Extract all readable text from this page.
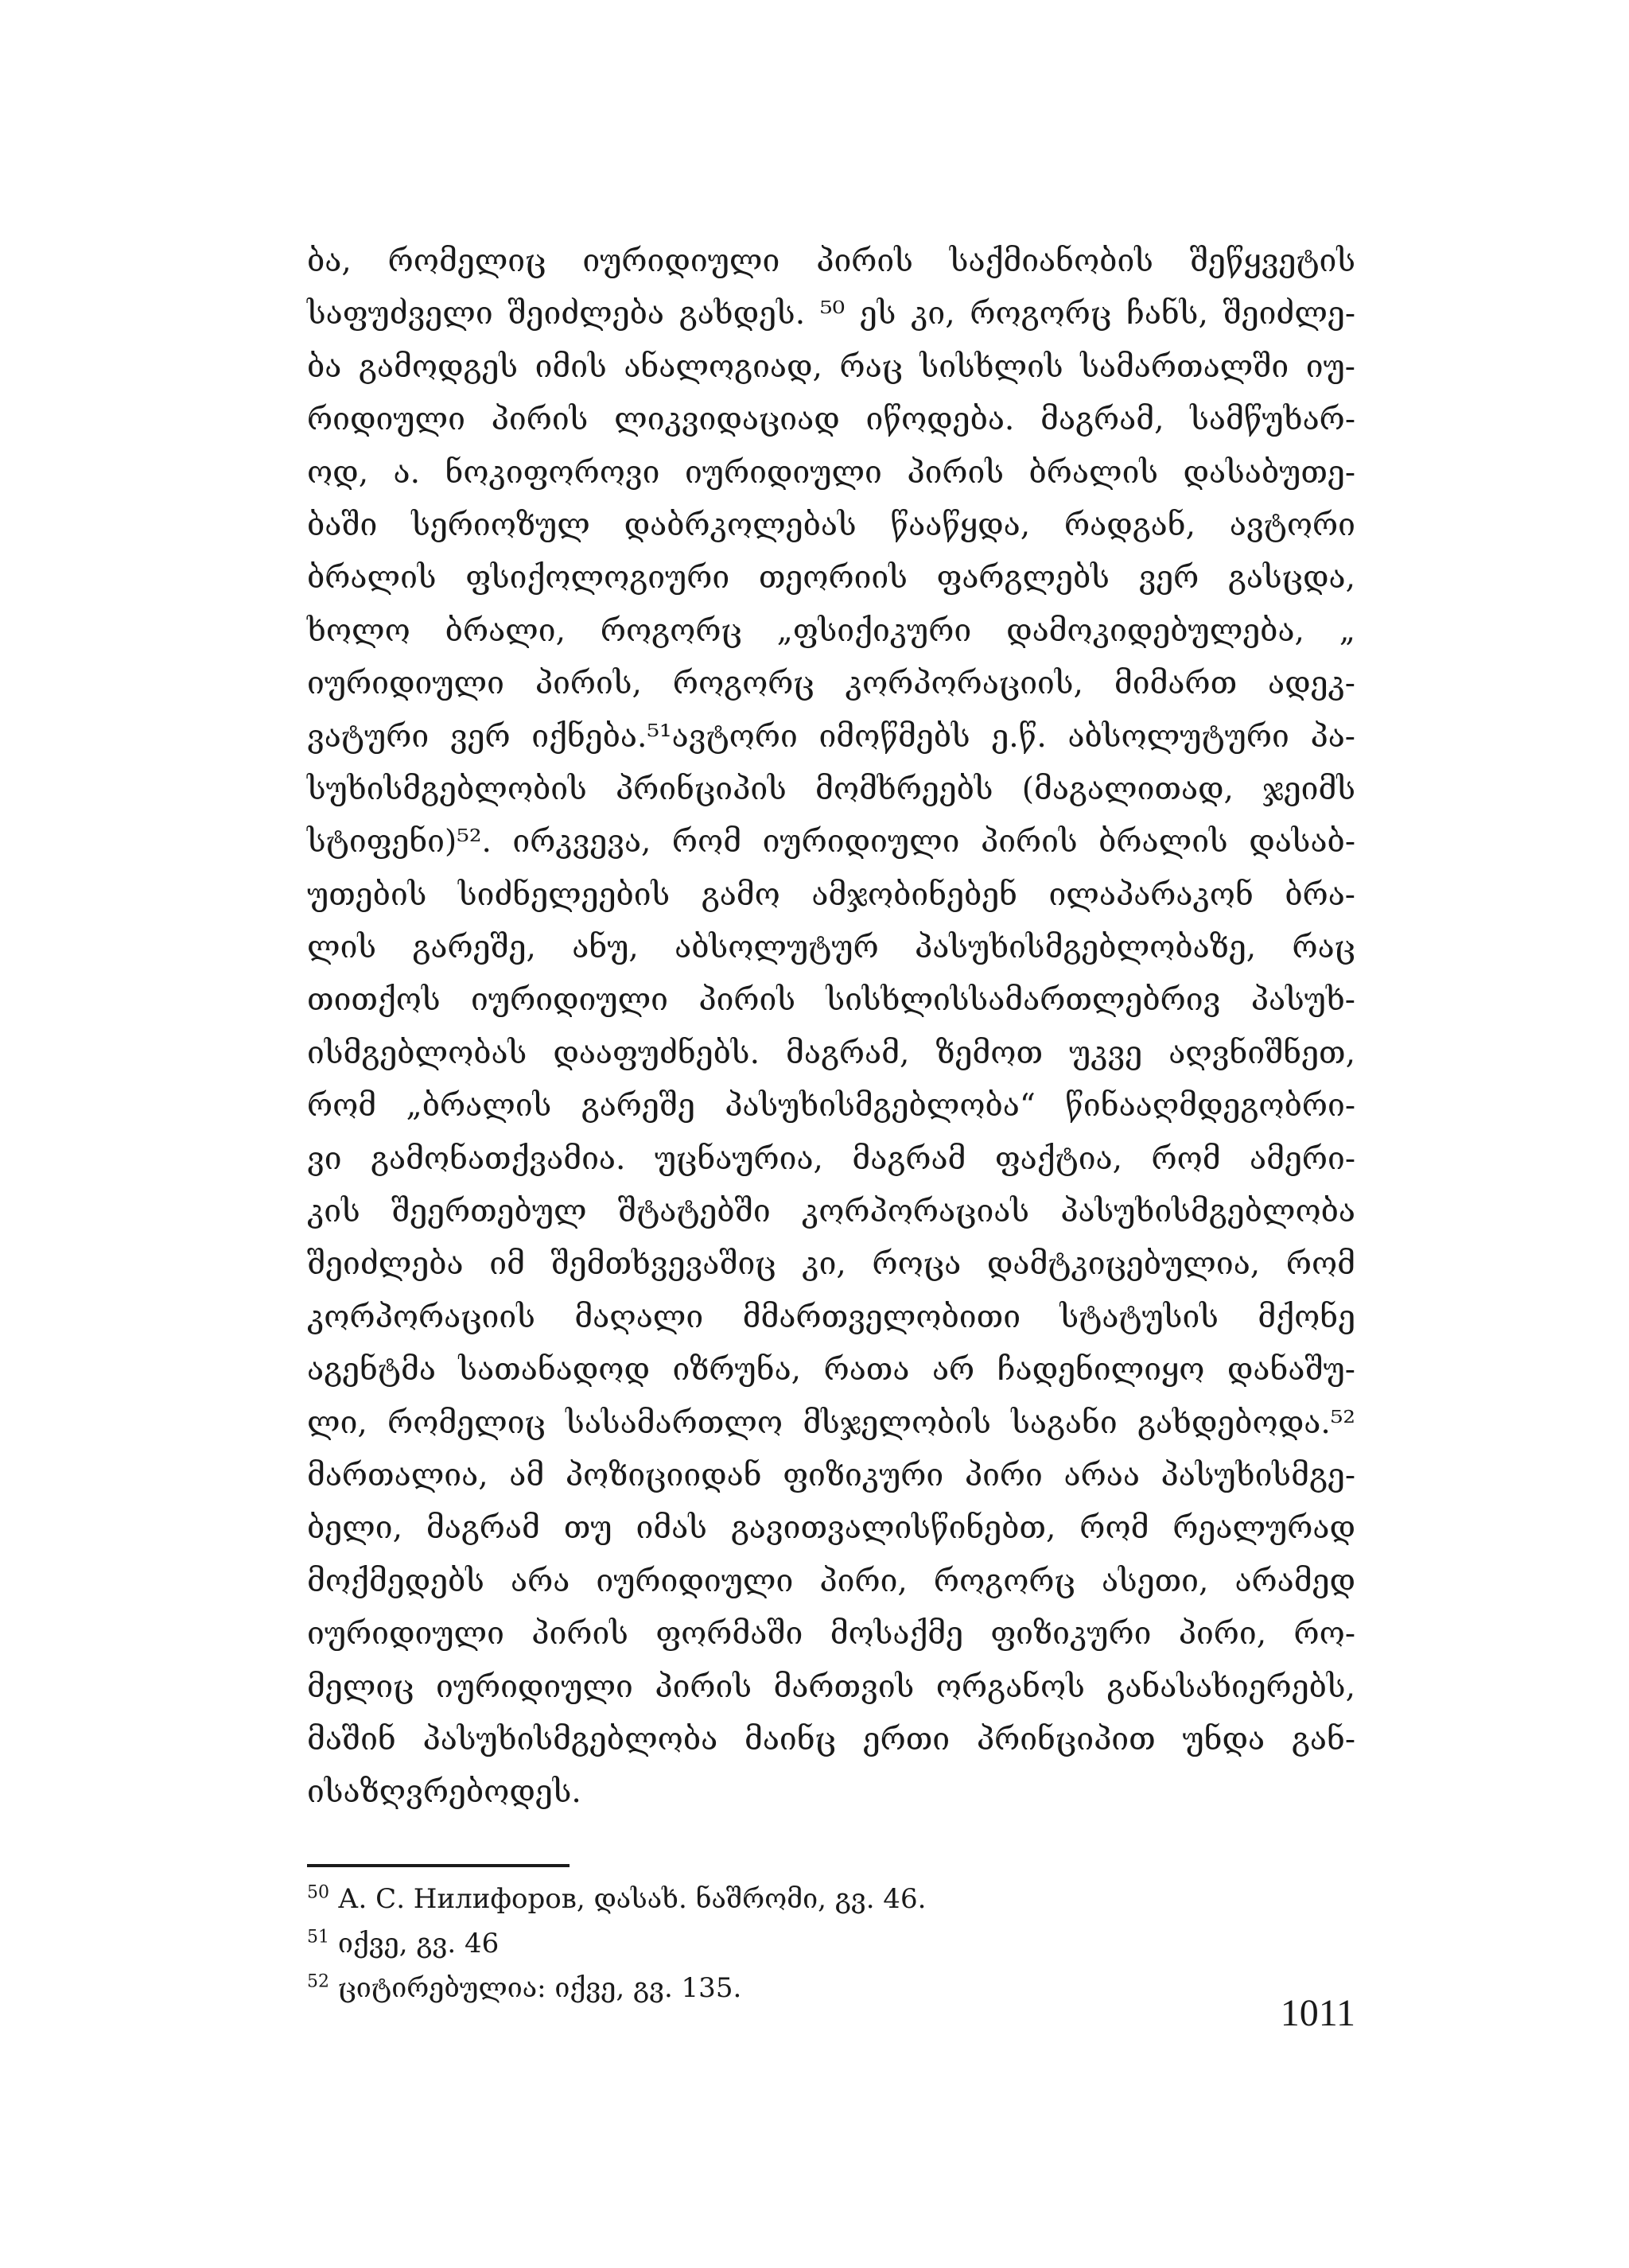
ბა, რომელიც იურიდიული პირის საქმიანობის შეწყვეტის
საფუძველი შეიძლება გახდეს. ⁵⁰ ეს კი, როგორც ჩანს, შეიძლე-
ბა გამოდგეს იმის ანალოგიად, რაც სისხლის სამართალში იუ-
რიდიული პირის ლიკვიდაციად იწოდება. მაგრამ, სამწუხარ-
ოდ, ა. ნოკიფოროვი იურიდიული პირის ბრალის დასაბუთე-
ბაში სერიოზულ დაბრკოლებას წააწყდა, რადგან, ავტორი
ბრალის ფსიქოლოგიური თეორიის ფარგლებს ვერ გასცდა,
ხოლო ბრალი, როგორც „ფსიქიკური დამოკიდებულება, „
იურიდიული პირის, როგორც კორპორაციის, მიმართ ადეკ-
ვატური ვერ იქნება.⁵¹ავტორი იმოწმებს ე.წ. აბსოლუტური პა-
სუხისმგებლობის პრინციპის მომხრეებს (მაგალითად, ჯეიმს
სტიფენი)⁵². ირკვევა, რომ იურიდიული პირის ბრალის დასაბ-
უთების სიძნელეების გამო ამჯობინებენ ილაპარაკონ ბრა-
ლის გარეშე, ანუ, აბსოლუტურ პასუხისმგებლობაზე, რაც
თითქოს იურიდიული პირის სისხლისსამართლებრივ პასუხ-
ისმგებლობას დააფუძნებს. მაგრამ, ზემოთ უკვე აღვნიშნეთ,
რომ „ბრალის გარეშე პასუხისმგებლობა“ წინააღმდეგობრი-
ვი გამონათქვამია. უცნაურია, მაგრამ ფაქტია, რომ ამერი-
კის შეერთებულ შტატებში კორპორაციას პასუხისმგებლობა
შეიძლება იმ შემთხვევაშიც კი, როცა დამტკიცებულია, რომ
კორპორაციის მაღალი მმართველობითი სტატუსის მქონე
აგენტმა სათანადოდ იზრუნა, რათა არ ჩადენილიყო დანაშუ-
ლი, რომელიც სასამართლო მსჯელობის საგანი გახდებოდა.⁵²
მართალია, ამ პოზიციიდან ფიზიკური პირი არაა პასუხისმგე-
ბელი, მაგრამ თუ იმას გავითვალისწინებთ, რომ რეალურად
მოქმედებს არა იურიდიული პირი, როგორც ასეთი, არამედ
იურიდიული პირის ფორმაში მოსაქმე ფიზიკური პირი, რო-
მელიც იურიდიული პირის მართვის ორგანოს განასახიერებს,
მაშინ პასუხისმგებლობა მაინც ერთი პრინციპით უნდა გან-
ისაზღვრებოდეს.
$^{50}$ А. С. Нилифоров, დასახ. ნაშრომი, გვ. 46.
$^{51}$ იქვე, გვ. 46
$^{52}$ ციტირებულია: იქვე, გვ. 135.
1011
